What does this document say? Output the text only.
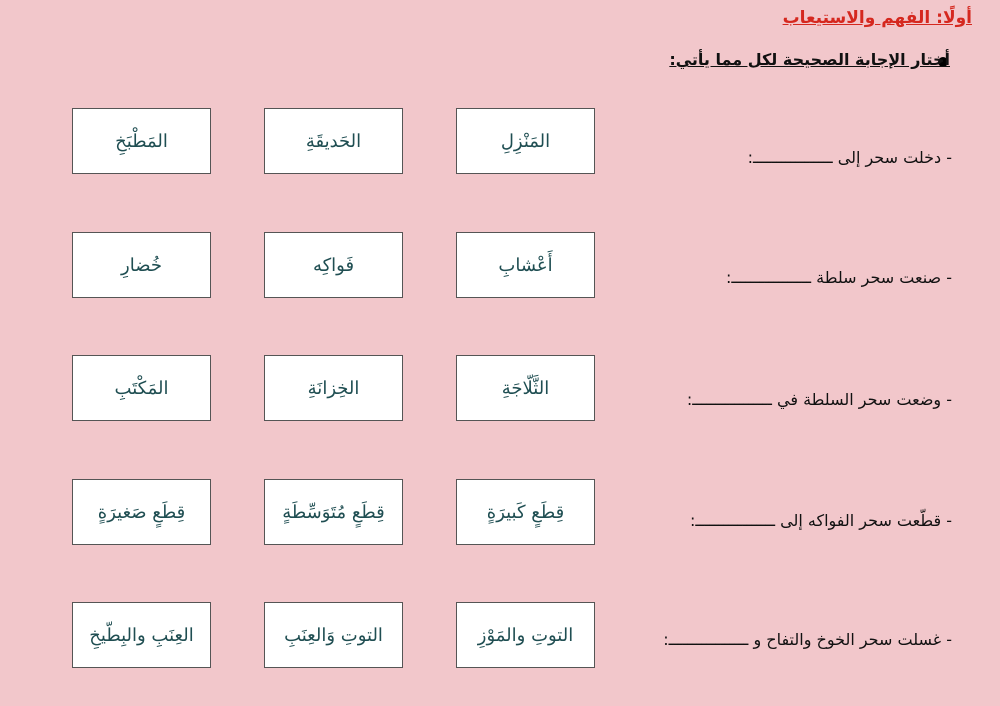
أولًا: الفهم والاستيعاب
أختار الإجابة الصحيحة لكل مما يأتي:
- دخلت سحر إلى ـــــــــــــــــ:
المَنْزِلِ
الحَديقَةِ
المَطْبَخِ
- صنعت سحر سلطة ـــــــــــــــــ:
أَعْشابِ
فَواكِه
خُضارِ
- وضعت سحر السلطة في ـــــــــــــــــ:
الثَّلّاجَةِ
الخِزانَةِ
المَكْتَبِ
- قطّعت سحر الفواكه إلى ـــــــــــــــــ:
قِطَعٍ كَبيرَةٍ
قِطَعٍ مُتَوَسِّطَةٍ
قِطَعٍ صَغيرَةٍ
- غسلت سحر الخوخ والتفاح و ـــــــــــــــــ:
التوتِ والمَوْزِ
التوتِ وَالعِنَبِ
العِنَبِ والبِطّيخِ
